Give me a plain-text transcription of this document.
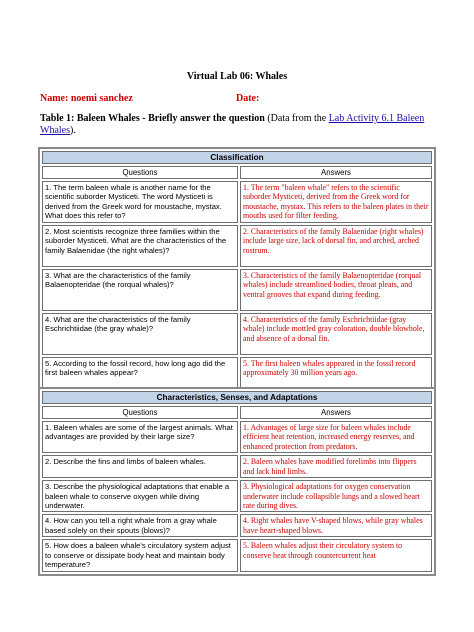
Virtual Lab 06: Whales
Name: noemi sanchez	Date:
Table 1: Baleen Whales - Briefly answer the question (Data from the Lab Activity 6.1 Baleen Whales).
Classification	
Questions	Answers
1. The term baleen whale is another name for the scientific suborder Mysticeti. The word Mysticeti is derived from the Greek word for moustache, mystax. What does this refer to?	1. The term "baleen whale" refers to the scientific suborder Mysticeti, derived from the Greek word for moustache, mystax. This refers to the baleen plates in their mouths used for filter feeding.
2. Most scientists recognize three families within the suborder Mysticeti. What are the characteristics of the family Balaenidae (the right whales)?	2. Characteristics of the family Balaenidae (right whales) include large size, lack of dorsal fin, and arched, arched rostrum.
3. What are the characteristics of the family Balaenopteridae (the rorqual whales)?	3. Characteristics of the family Balaenopteridae (rorqual whales) include streamlined bodies, throat pleats, and ventral grooves that expand during feeding.
4. What are the characteristics of the family Eschrichtiidae (the gray whale)?	4. Characteristics of the family Eschrichtiidae (gray whale) include mottled gray coloration, double blowhole, and absence of a dorsal fin.
5. According to the fossil record, how long ago did the first baleen whales appear?	5. The first baleen whales appeared in the fossil record approximately 30 million years ago.
Characteristics, Senses, and Adaptations	
Questions	Answers
1. Baleen whales are some of the largest animals. What advantages are provided by their large size?	1. Advantages of large size for baleen whales include efficient heat retention, increased energy reserves, and enhanced protection from predators.
2. Describe the fins and limbs of baleen whales.	2. Baleen whales have modified forelimbs into flippers and lack hind limbs.
3. Describe the physiological adaptations that enable a baleen whale to conserve oxygen while diving underwater.	3. Physiological adaptations for oxygen conservation underwater include collapsible lungs and a slowed heart rate during dives.
4. How can you tell a right whale from a gray whale based solely on their spouts (blows)?	4. Right whales have V-shaped blows, while gray whales have heart-shaped blows.
5. How does a baleen whale's circulatory system adjust to conserve or dissipate body heat and maintain body temperature?	5. Baleen whales adjust their circulatory system to conserve heat through countercurrent heat
